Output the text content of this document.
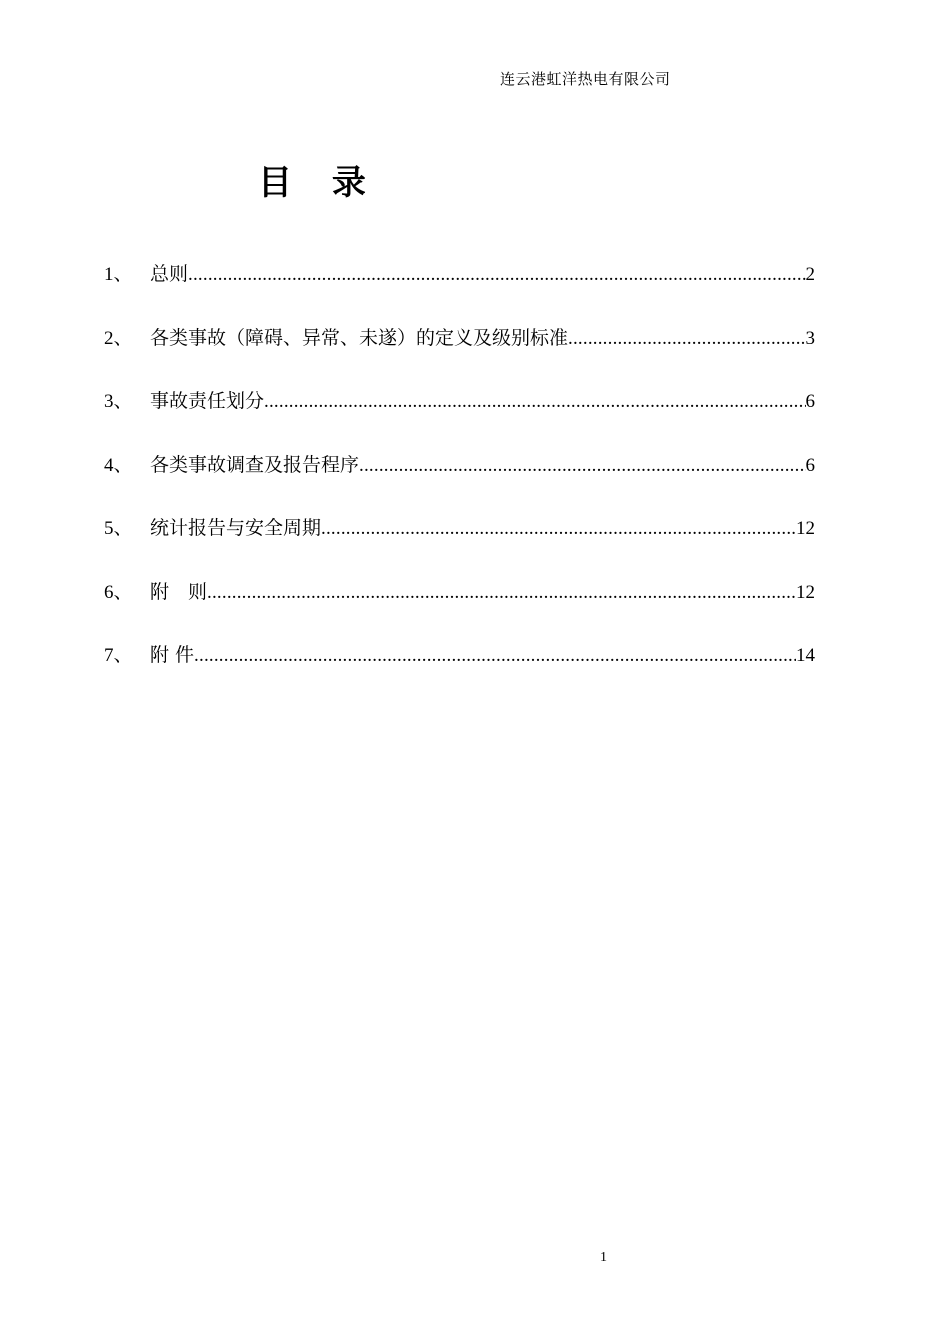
连云港虹洋热电有限公司
目 录
1、 总则 .....	2
2、 各类事故（障碍、异常、未遂）的定义及级别标准 .....	3
3、 事故责任划分 .....	6
4、 各类事故调查及报告程序 .....	6
5、 统计报告与安全周期 .....	12
6、 附　则 .....	12
7、 附 件 .....	14
1
